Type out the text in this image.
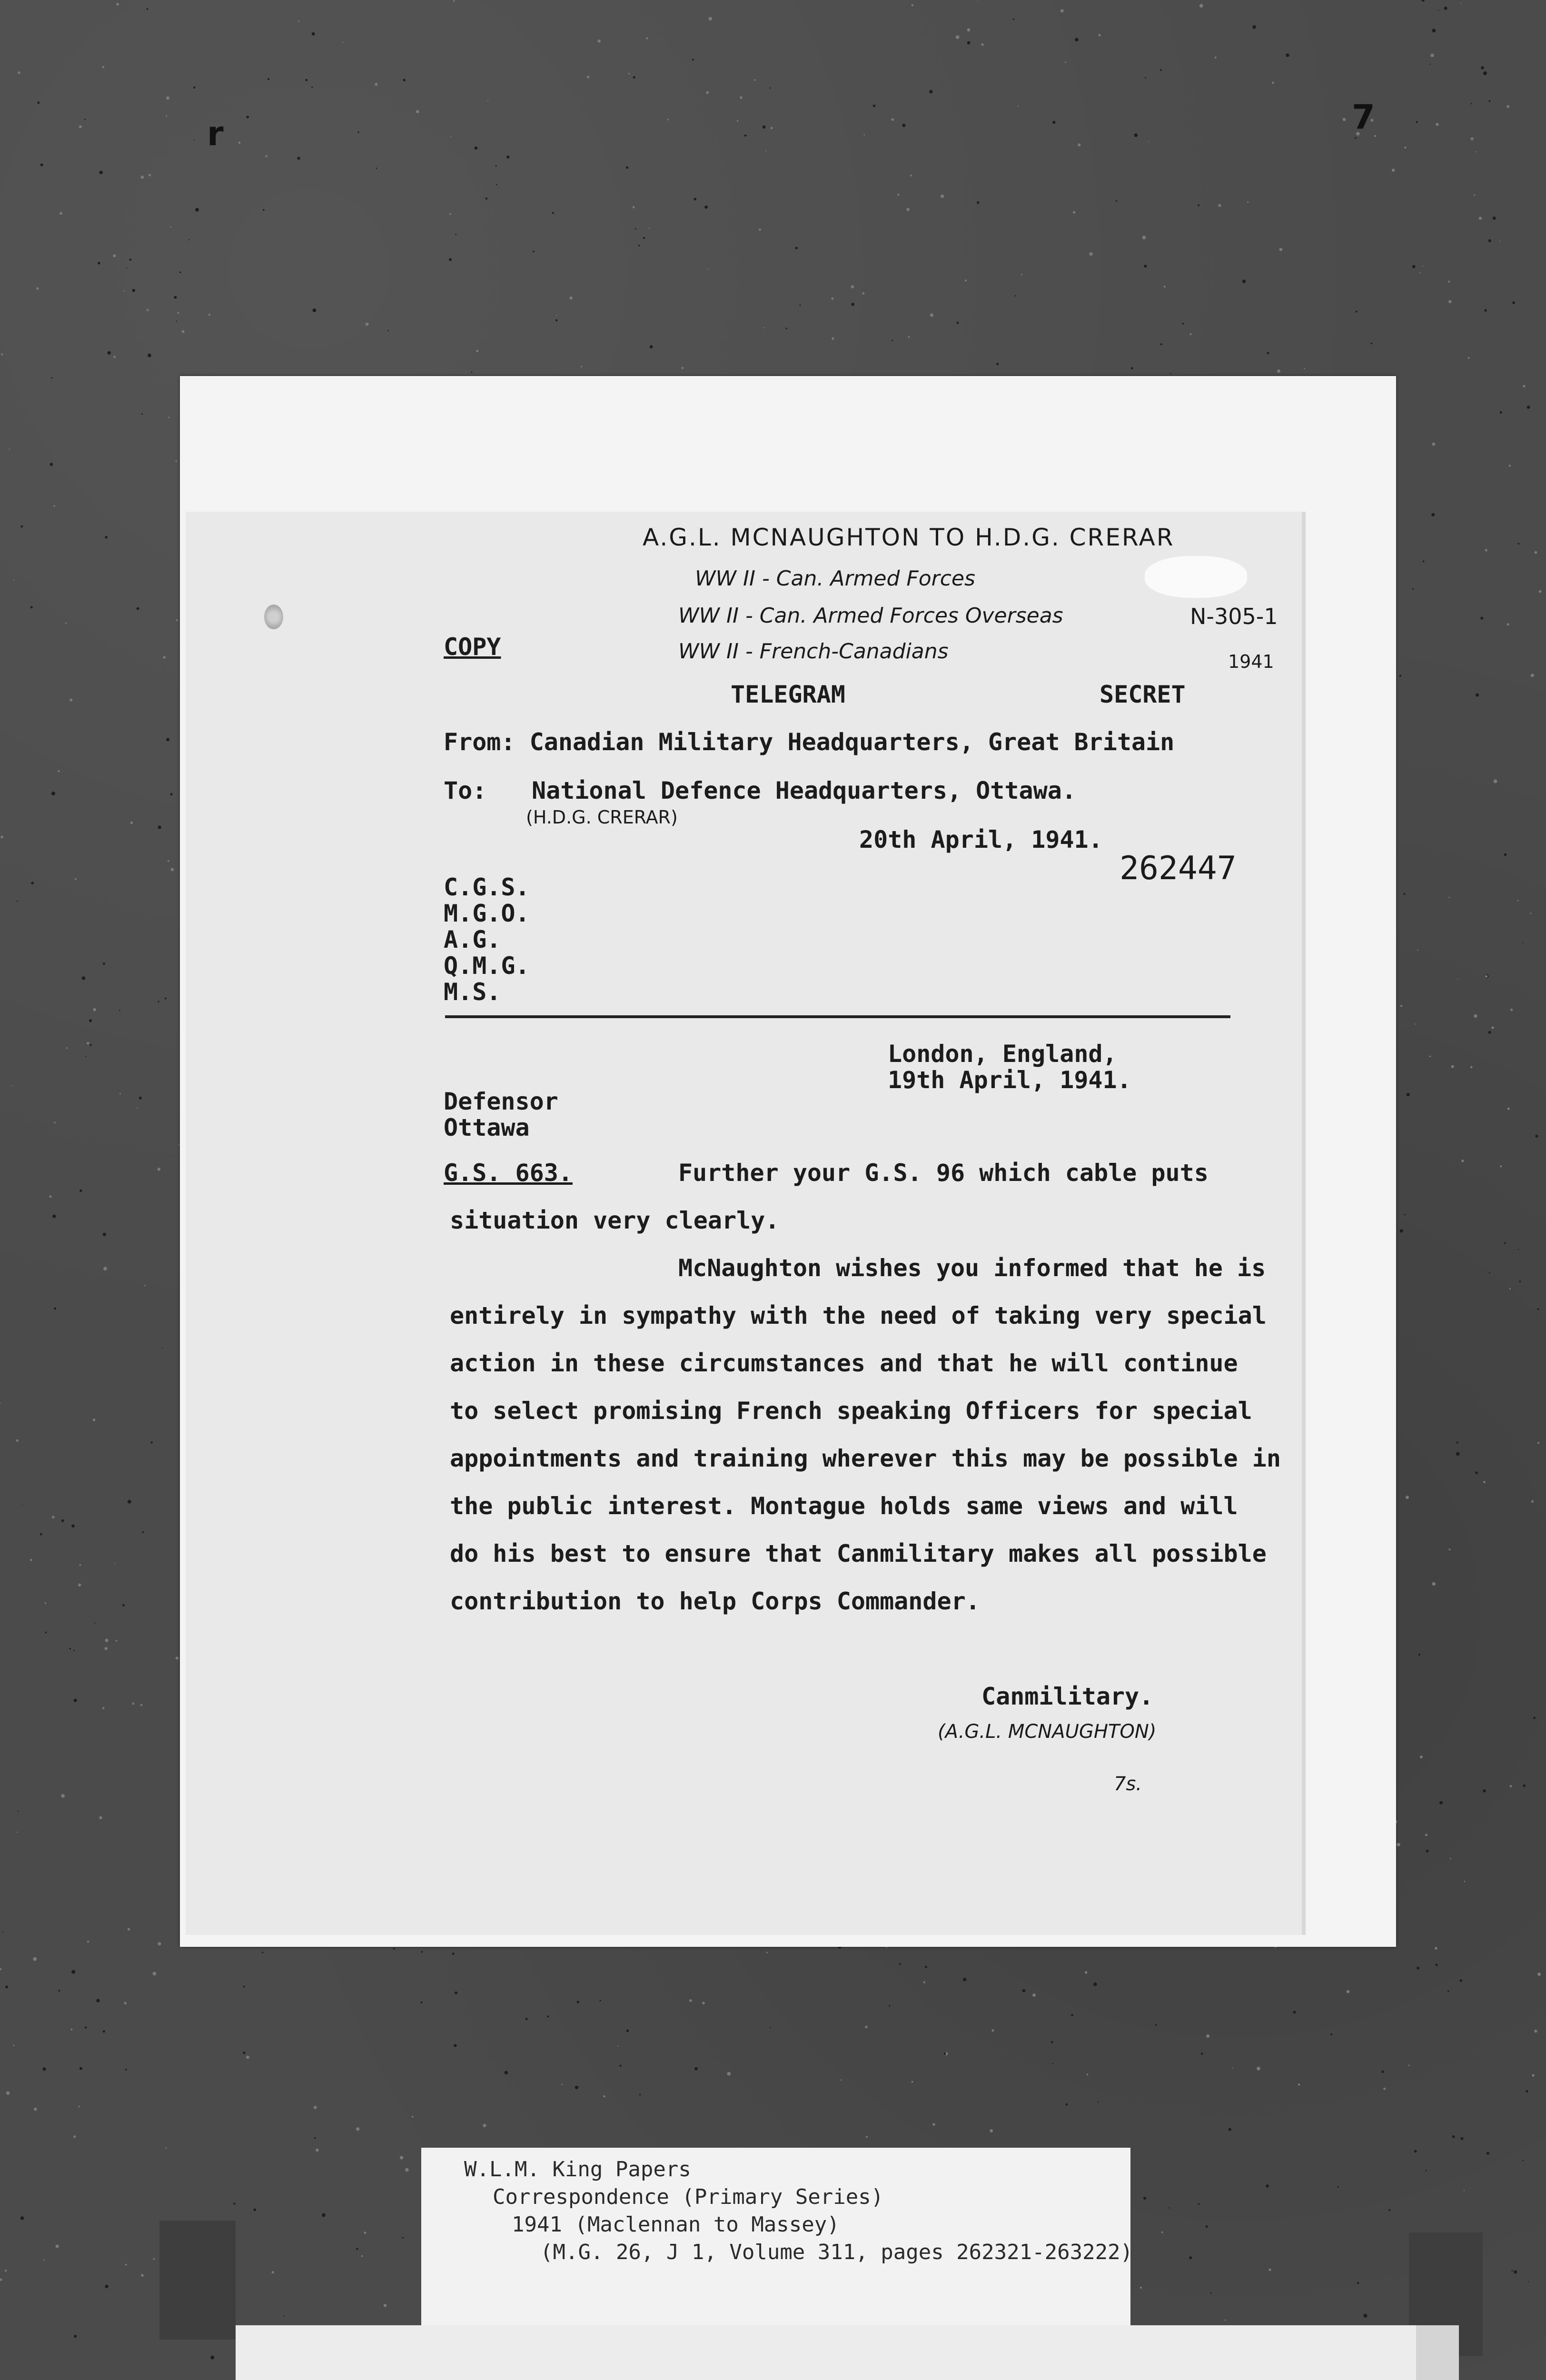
r	7
A.G.L. MCNAUGHTON TO H.D.G. CRERAR
WW II - Can. Armed Forces
WW II - Can. Armed Forces Overseas
WW II - French-Canadians
N-305-1
1941
(H.D.G. CRERAR)
(A.G.L. MCNAUGHTON)
7s.
COPY
TELEGRAM	SECRET
From: Canadian Military Headquarters, Great Britain
To: National Defence Headquarters, Ottawa.
20th April, 1941.
262447
C.G.S.
M.G.O.
A.G.
Q.M.G.
M.S.
London, England,
19th April, 1941.
Defensor
Ottawa
G.S. 663.	Further your G.S. 96 which cable puts
situation very clearly.
McNaughton wishes you informed that he is
entirely in sympathy with the need of taking very special
action in these circumstances and that he will continue
to select promising French speaking Officers for special
appointments and training wherever this may be possible in
the public interest. Montague holds same views and will
do his best to ensure that Canmilitary makes all possible
contribution to help Corps Commander.
Canmilitary.
W.L.M. King Papers
Correspondence (Primary Series)
1941 (Maclennan to Massey)
(M.G. 26, J 1, Volume 311, pages 262321-263222)
